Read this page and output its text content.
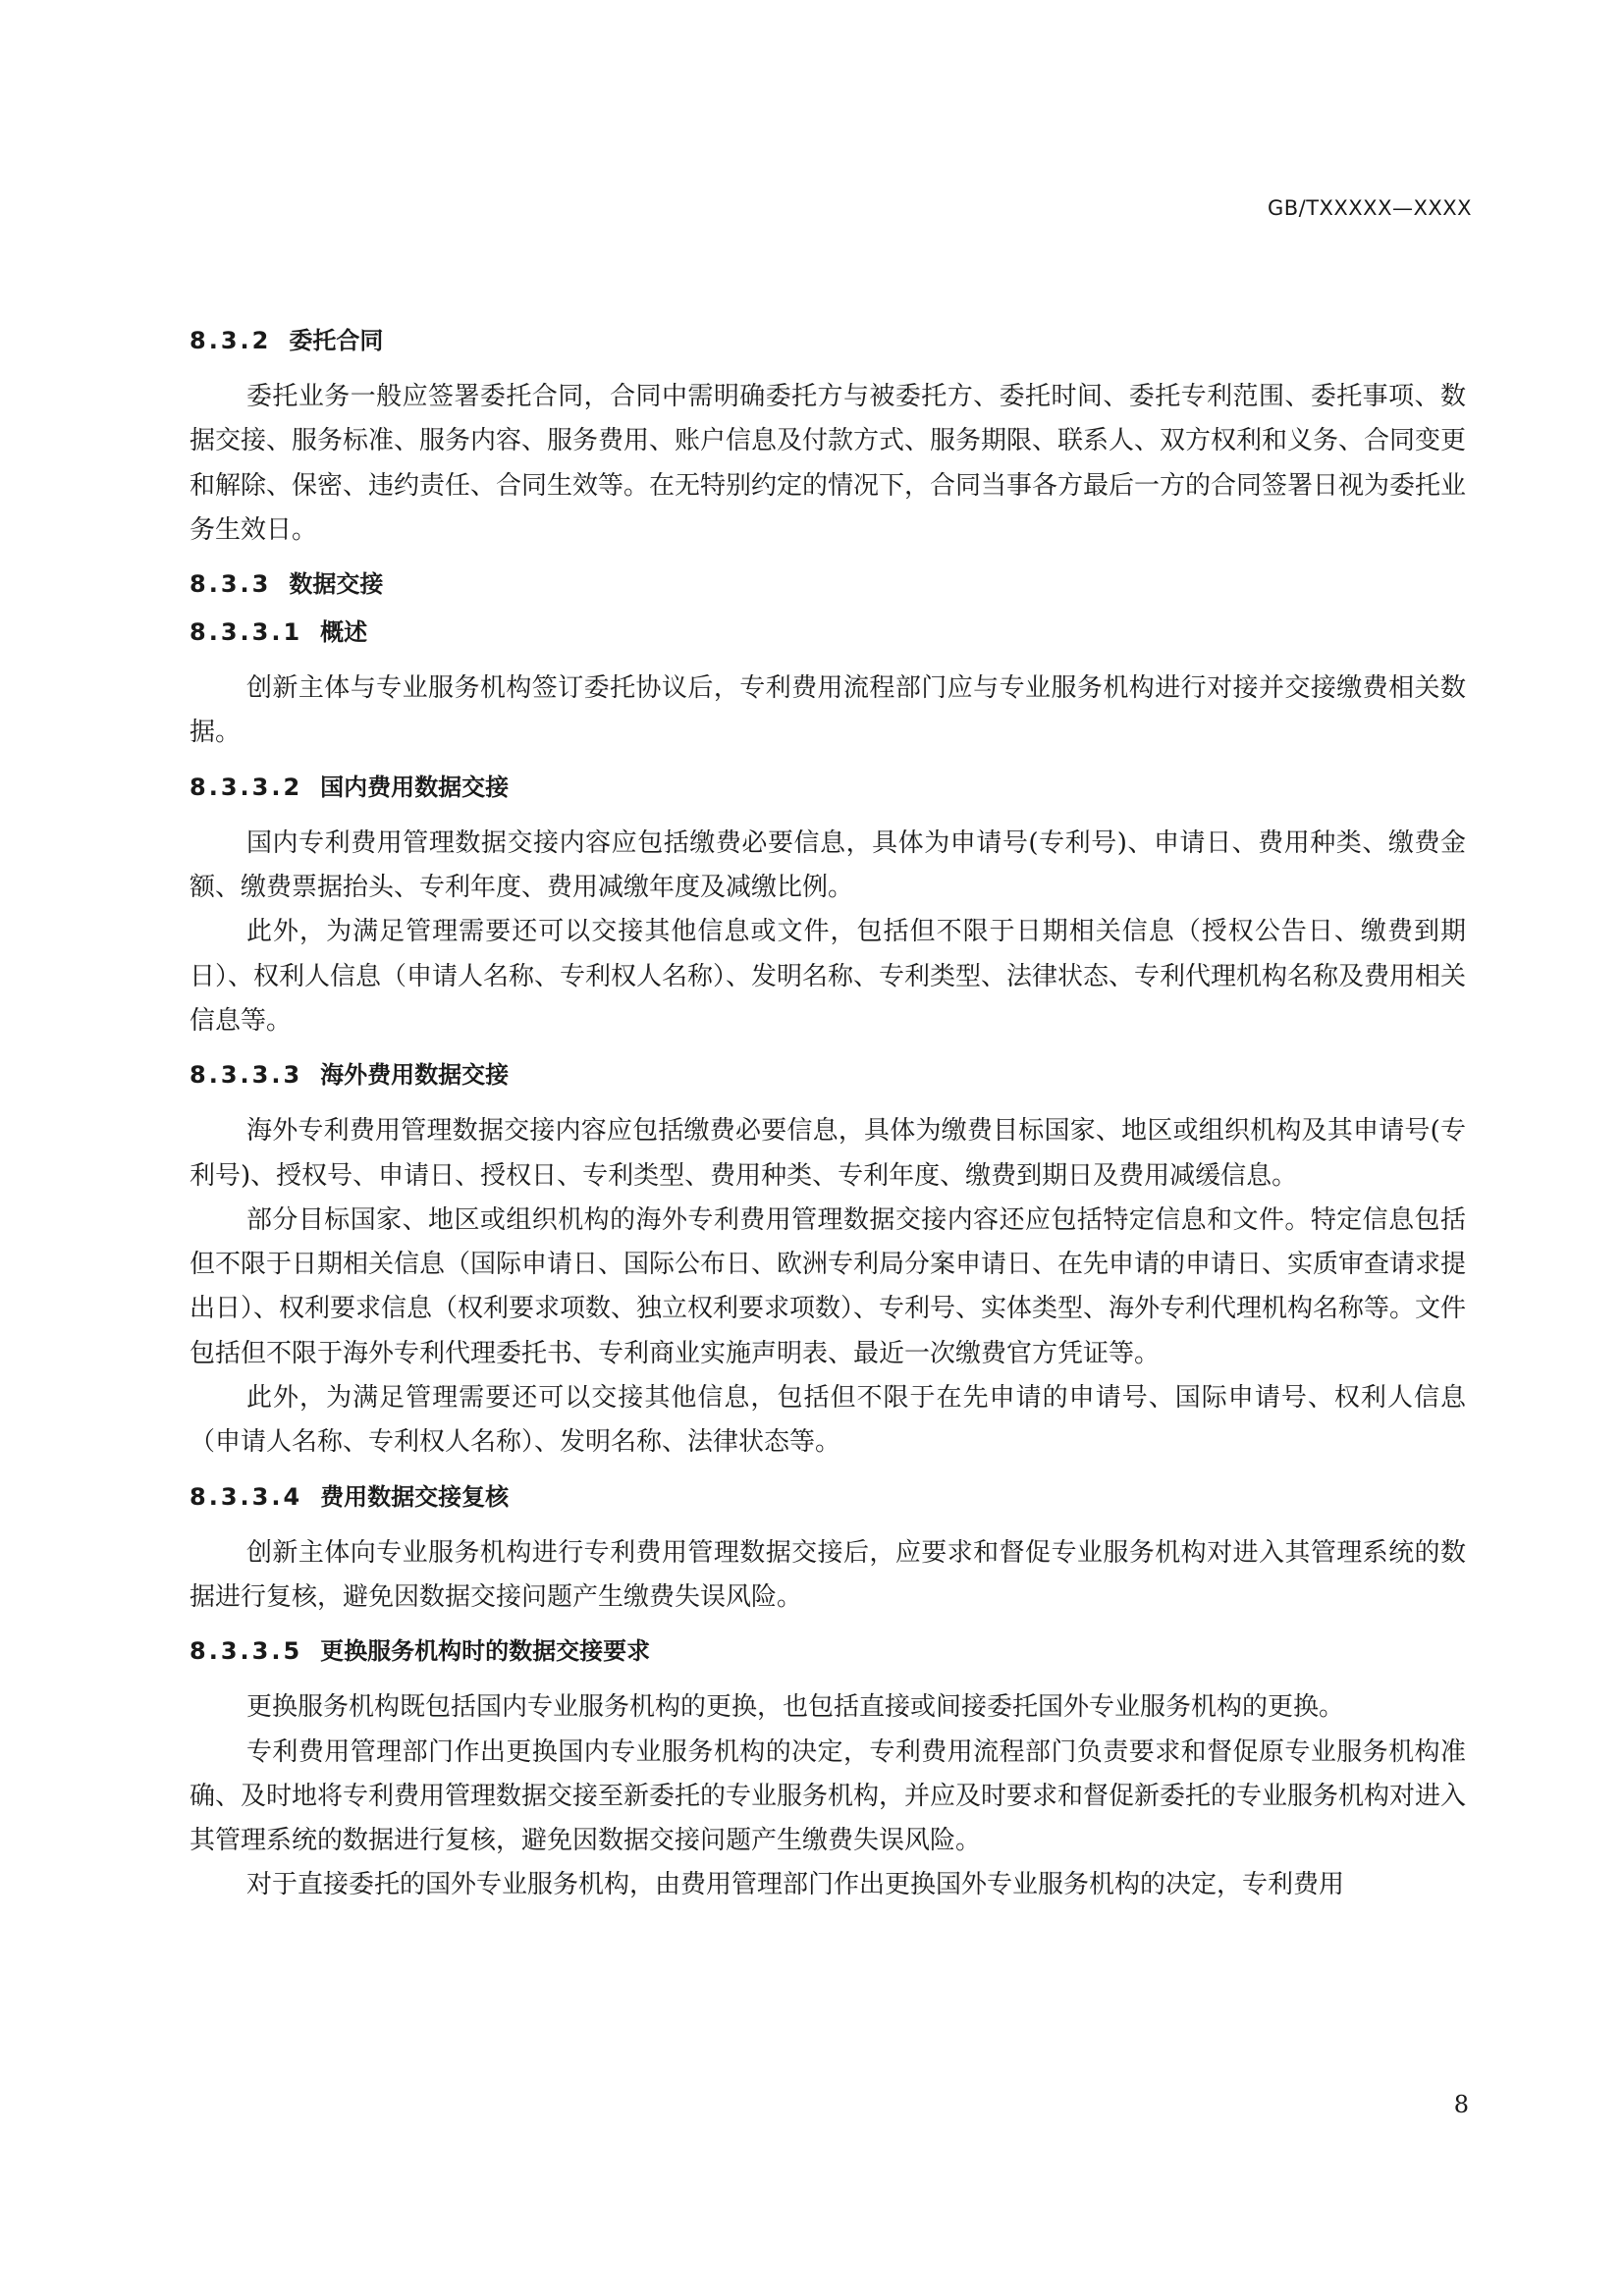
GB/TXXXXX—XXXX
8.3.2 委托合同

委托业务一般应签署委托合同，合同中需明确委托方与被委托方、委托时间、委托专利范围、委托事项、数据交接、服务标准、服务内容、服务费用、账户信息及付款方式、服务期限、联系人、双方权利和义务、合同变更和解除、保密、违约责任、合同生效等。在无特别约定的情况下，合同当事各方最后一方的合同签署日视为委托业务生效日。

8.3.3 数据交接
8.3.3.1 概述

创新主体与专业服务机构签订委托协议后，专利费用流程部门应与专业服务机构进行对接并交接缴费相关数据。

8.3.3.2 国内费用数据交接

国内专利费用管理数据交接内容应包括缴费必要信息，具体为申请号(专利号)、申请日、费用种类、缴费金额、缴费票据抬头、专利年度、费用减缴年度及减缴比例。

此外，为满足管理需要还可以交接其他信息或文件，包括但不限于日期相关信息（授权公告日、缴费到期日）、权利人信息（申请人名称、专利权人名称）、发明名称、专利类型、法律状态、专利代理机构名称及费用相关信息等。

8.3.3.3 海外费用数据交接

海外专利费用管理数据交接内容应包括缴费必要信息，具体为缴费目标国家、地区或组织机构及其申请号(专利号)、授权号、申请日、授权日、专利类型、费用种类、专利年度、缴费到期日及费用减缓信息。

部分目标国家、地区或组织机构的海外专利费用管理数据交接内容还应包括特定信息和文件。特定信息包括但不限于日期相关信息（国际申请日、国际公布日、欧洲专利局分案申请日、在先申请的申请日、实质审查请求提出日）、权利要求信息（权利要求项数、独立权利要求项数）、专利号、实体类型、海外专利代理机构名称等。文件包括但不限于海外专利代理委托书、专利商业实施声明表、最近一次缴费官方凭证等。

此外，为满足管理需要还可以交接其他信息，包括但不限于在先申请的申请号、国际申请号、权利人信息（申请人名称、专利权人名称）、发明名称、法律状态等。

8.3.3.4 费用数据交接复核

创新主体向专业服务机构进行专利费用管理数据交接后，应要求和督促专业服务机构对进入其管理系统的数据进行复核，避免因数据交接问题产生缴费失误风险。

8.3.3.5 更换服务机构时的数据交接要求

更换服务机构既包括国内专业服务机构的更换，也包括直接或间接委托国外专业服务机构的更换。

专利费用管理部门作出更换国内专业服务机构的决定，专利费用流程部门负责要求和督促原专业服务机构准确、及时地将专利费用管理数据交接至新委托的专业服务机构，并应及时要求和督促新委托的专业服务机构对进入其管理系统的数据进行复核，避免因数据交接问题产生缴费失误风险。

对于直接委托的国外专业服务机构，由费用管理部门作出更换国外专业服务机构的决定，专利费用

8
